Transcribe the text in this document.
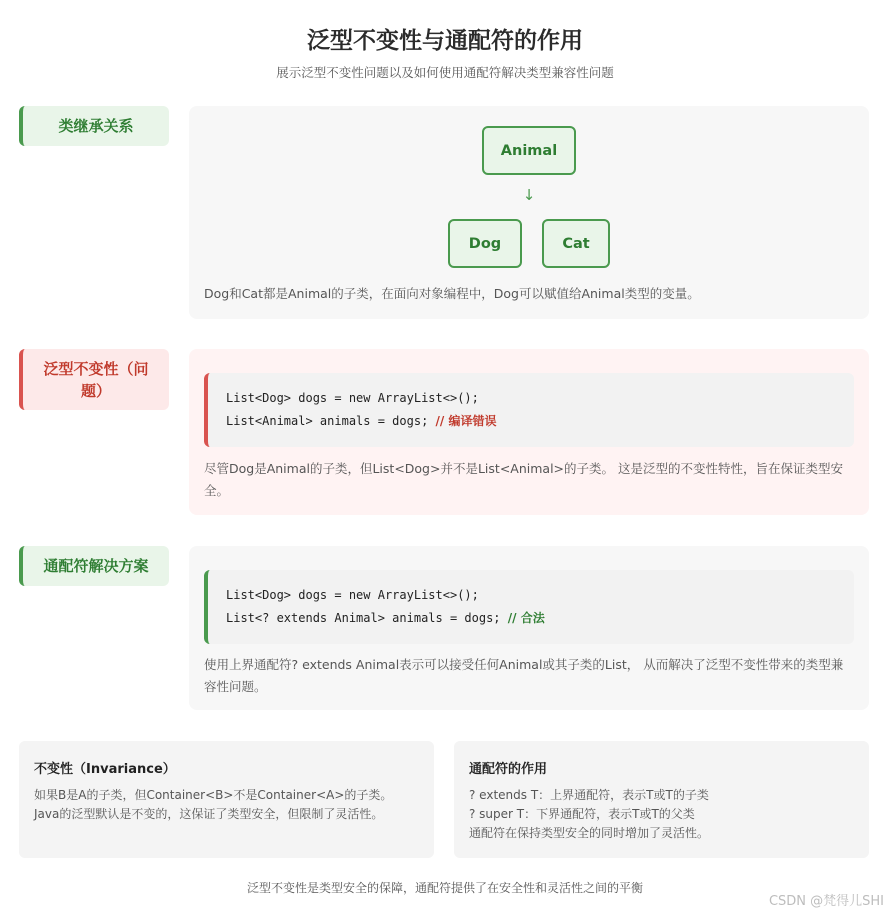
泛型不变性与通配符的作用
展示泛型不变性问题以及如何使用通配符解决类型兼容性问题
类继承关系
Animal
↓
Dog	Cat
Dog和Cat都是Animal的子类，在面向对象编程中，Dog可以赋值给Animal类型的变量。
泛型不变性（问题）	List<Dog> dogs = new ArrayList<>();
List<Animal> animals = dogs; // 编译错误
尽管Dog是Animal的子类，但List<Dog>并不是List<Animal>的子类。 这是泛型的不变性特性，旨在保证类型安全。
通配符解决方案
List<Dog> dogs = new ArrayList<>();
List<? extends Animal> animals = dogs; // 合法
使用上界通配符? extends Animal表示可以接受任何Animal或其子类的List， 从而解决了泛型不变性带来的类型兼容性问题。
不变性（Invariance）
如果B是A的子类，但Container<B>不是Container<A>的子类。
Java的泛型默认是不变的，这保证了类型安全，但限制了灵活性。
通配符的作用
? extends T：上界通配符，表示T或T的子类
? super T：下界通配符，表示T或T的父类
通配符在保持类型安全的同时增加了灵活性。
泛型不变性是类型安全的保障，通配符提供了在安全性和灵活性之间的平衡
CSDN @梵得儿SHI
